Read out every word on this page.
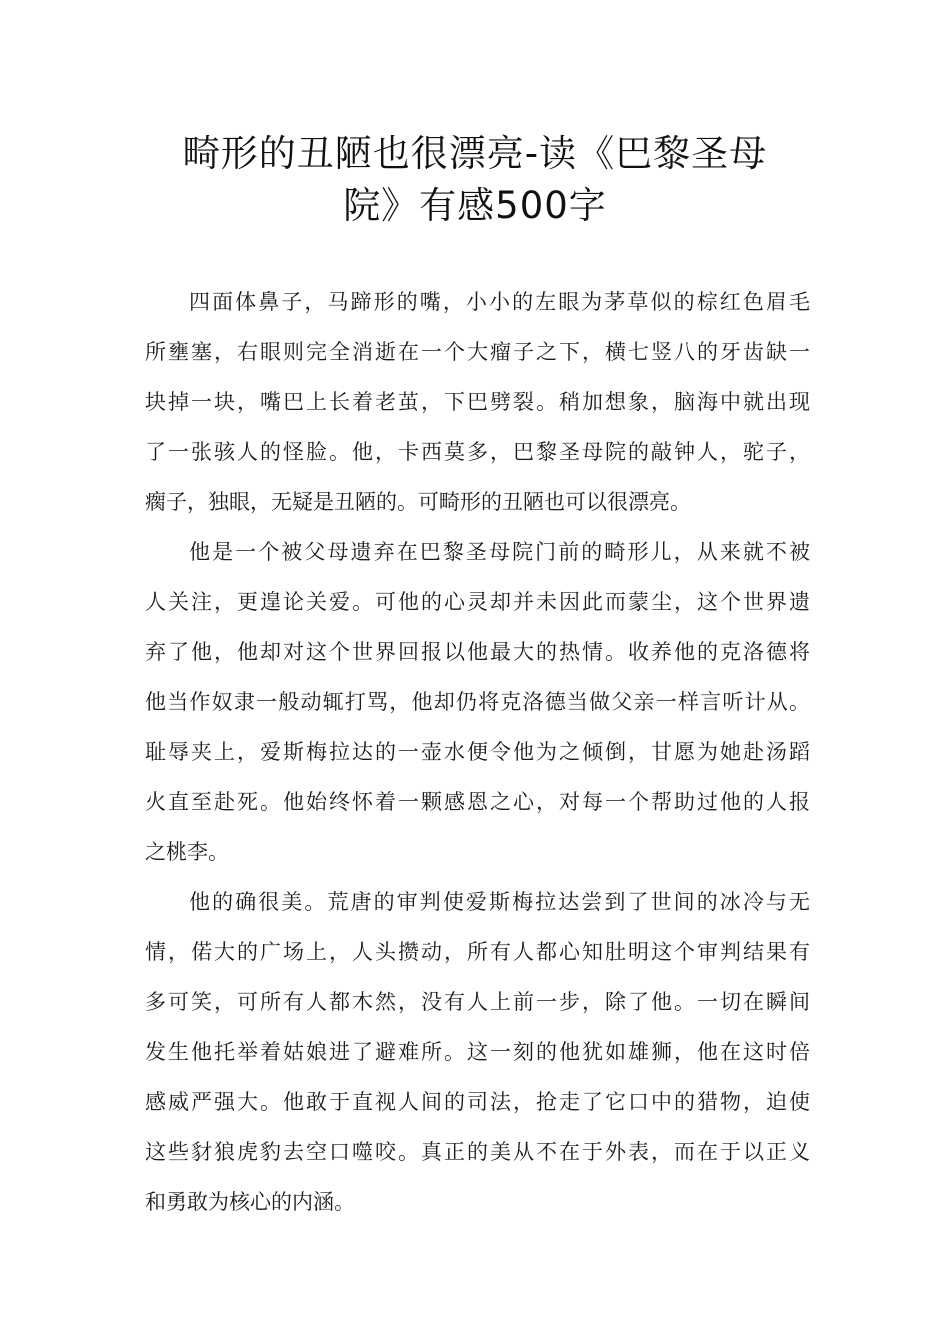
畸形的丑陋也很漂亮-读《巴黎圣母
院》有感500字

四面体鼻子，马蹄形的嘴，小小的左眼为茅草似的棕红色眉毛
所壅塞，右眼则完全消逝在一个大瘤子之下，横七竖八的牙齿缺一
块掉一块，嘴巴上长着老茧，下巴劈裂。稍加想象，脑海中就出现
了一张骇人的怪脸。他，卡西莫多，巴黎圣母院的敲钟人，驼子，
瘸子，独眼，无疑是丑陋的。可畸形的丑陋也可以很漂亮。

他是一个被父母遗弃在巴黎圣母院门前的畸形儿，从来就不被
人关注，更遑论关爱。可他的心灵却并未因此而蒙尘，这个世界遗
弃了他，他却对这个世界回报以他最大的热情。收养他的克洛德将
他当作奴隶一般动辄打骂，他却仍将克洛德当做父亲一样言听计从。
耻辱夹上，爱斯梅拉达的一壶水便令他为之倾倒，甘愿为她赴汤蹈
火直至赴死。他始终怀着一颗感恩之心，对每一个帮助过他的人报
之桃李。

他的确很美。荒唐的审判使爱斯梅拉达尝到了世间的冰冷与无
情，偌大的广场上，人头攒动，所有人都心知肚明这个审判结果有
多可笑，可所有人都木然，没有人上前一步，除了他。一切在瞬间
发生他托举着姑娘进了避难所。这一刻的他犹如雄狮，他在这时倍
感威严强大。他敢于直视人间的司法，抢走了它口中的猎物，迫使
这些豺狼虎豹去空口噬咬。真正的美从不在于外表，而在于以正义
和勇敢为核心的内涵。
